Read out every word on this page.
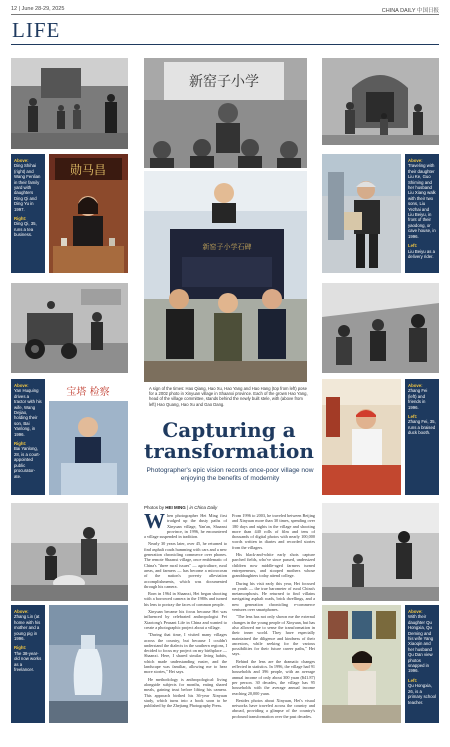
12 | June 28-29, 2025	CHINA DAILY 中国日报
LIFE
新窑子小学

Above:
Ding Shihai (right) and Wang Fenlian in their family yard with daughters Ding Qi and Ding Yu in 1997.

Right:
Ding Qi, 35, runs a tea business.

勋马昌
新窑子小学石碑

Above:
Traveling with their daughter Liu Ke, Guo Shiming and her husband Liu Xiang walk with their two sons, Liu Yezhai and Liu Beiyu, in front of their yaodong, or cave house, in 1996.

Left:
Liu Beiyu as a delivery rider.

Above:
Yan Huquing drives a tractor with his wife, Wang Dejiao, holding their son, Bai Yanlong, in 1996.

Right:
Bai Yanlong, 28, is a court-appointed public procurator-ate.

宝塔 检察

Above:
Zhang Fei (left) and friends in 1996.

Left:
Zhang Fei, 35, runs a braised duck booth.

A sign of the times: Hao Qiang, Hao Xu, Hao Yang and Hao Hang (top from left) pose for a 2002 photo in Xinyuan village in Shaanxi province. Each of the grown Hao Yang, head of the village committee, stands behind the newly built stele, with (above from left) Hao Quang, Hao Xu and Gao Dang.
Capturing a transformation
Photographer's epic vision records once-poor village now enjoying the benefits of modernity
Photos by HEI MING | in China Daily

Above:
Zhang Lin (at home with his mother and a young pig in 1996.

Right:
The 38-year-old now works as a freelancer.

Above:
With their daughter Qu Hongxia, Qu Deming and his wife Yang Xiaoqin and her husband Qu Dan view photos snapped in 1996.

Left:
Qu Hongxia, 26, is a primary school teacher.

When photographer Hei Ming first trudged up the dusty paths of Xinyuan village, Yan'an, Shaanxi province, in 1996, he encountered a village suspended in tradition.

Nearly 30 years later, over 45, he returned to find asphalt roads humming with cars and a new generation chronicling commerce over phones. The remote Shaanxi village, once emblematic of China's "three rural issues" — agriculture, rural areas, and farmers — has become a microcosm of the nation's poverty alleviation accomplishments, which was documented through his camera.

Born in 1964 in Shaanxi, Hei began shooting with a borrowed camera in the 1980s and turned his lens to portray the faces of common people.

Xinyuan became his focus because Hei was influenced by celebrated anthropologist Fei Xiaotong's Peasant Life in China and wanted to create a photographic project about a village.

"During that time, I visited many villages across the country, but because I couldn't understand the dialects in the southern regions, I decided to focus my project on my birthplace — Shaanxi. Here, I shared similar living habits, which made understanding easier, and the landscape was familiar, allowing me to hear more stories," Hei says.

He methodology is anthropological: living alongside subjects for months, eating shared meals, gaining trust before lifting his camera. This approach birthed his 36-year Xinyuan study, which turns into a book soon to be published by the Zhejiang Photography Press.

From 1996 to 2003, he traveled between Beijing and Xinyuan more than 30 times, spending over 180 days and nights in the village and shooting more than 440 rolls of film and tens of thousands of digital photos with nearly 100,000 words written in diaries and recorded stories from the villagers.

His black-and-white early shots capture parched fields, who've since passed, undersized children now middle-aged farmers turned entrepreneurs, and stooped mothers whose granddaughters today attend college.

During his visit early this year, Hei focused on youth — the true barometer of rural China's metamorphosis. He returned to find villains navigating asphalt roads, brick dwellings, and a new generation chronicling e-commerce ventures over smartphones.

"The lens has not only shown me the external changes in the young people of Xinyuan, but has also allowed me to sense the transformation in their inner world. They have especially maintained the diligence and kindness of their ancestors, while seeking for the various possibilities for their future career paths," Hei says.

Behind the lens are the dramatic changes reflected in statistics. In 1996, the village had 91 households and 396 people, with an average annual income of only about 300 yuan ($41.87) per person. 30 decades, the village has 95 households with the average annual income reaching 20,000 yuan.

Besides photos about Xinyuan, Hei's visual networks have traveled across the country and abroad, providing a glimpse of the country's profound transformation over the past decades.
